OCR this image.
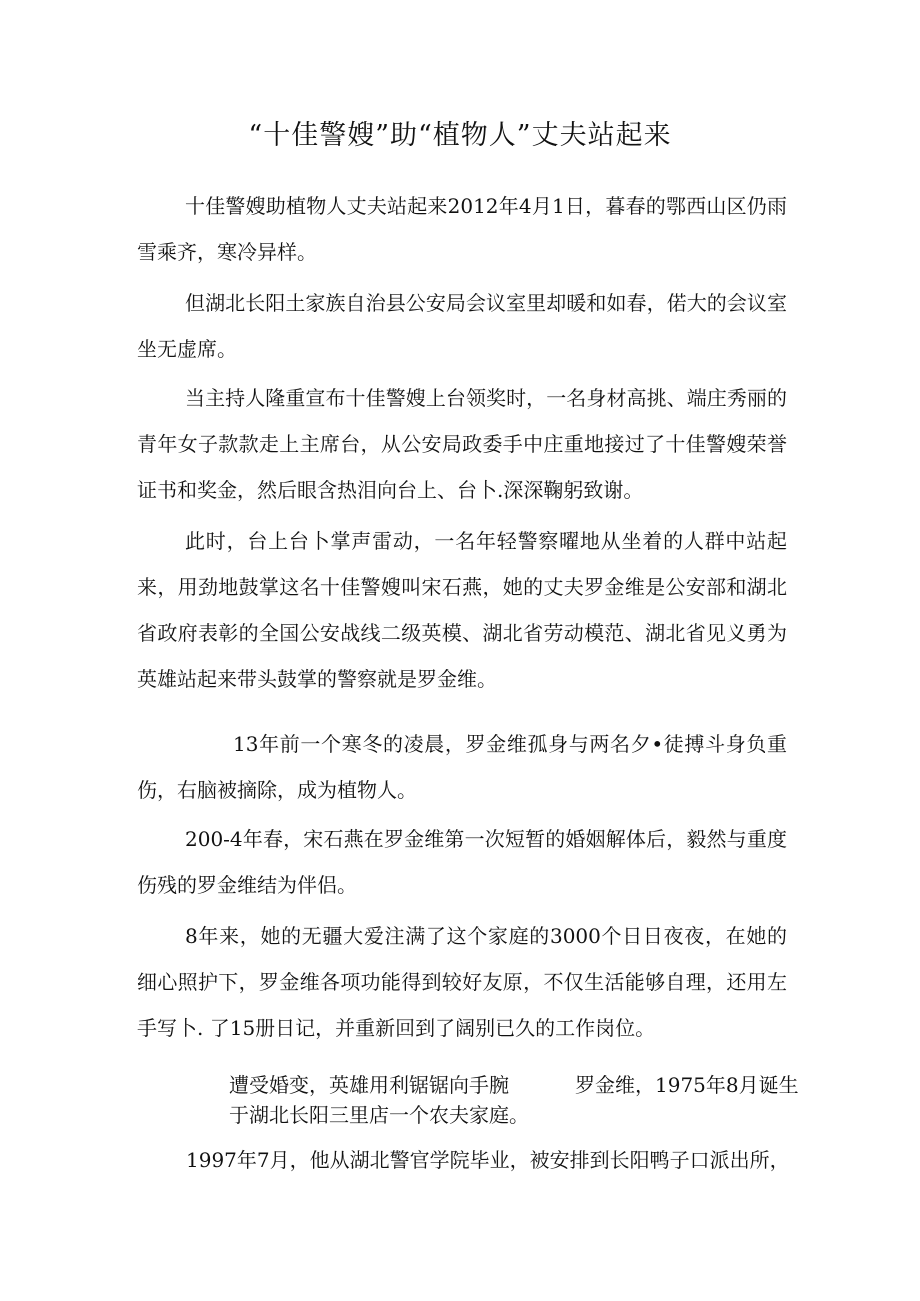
“十佳警嫂”助“植物人”丈夫站起来

十佳警嫂助植物人丈夫站起来2012年4月1日，暮春的鄂西山区仍雨雪乘齐，寒冷异样。

但湖北长阳土家族自治县公安局会议室里却暖和如春，偌大的会议室坐无虚席。

当主持人隆重宣布十佳警嫂上台领奖时，一名身材高挑、端庄秀丽的青年女子款款走上主席台，从公安局政委手中庄重地接过了十佳警嫂荣誉证书和奖金，然后眼含热泪向台上、台卜.深深鞠躬致谢。

此时，台上台卜掌声雷动，一名年轻警察曜地从坐着的人群中站起来，用劲地鼓掌这名十佳警嫂叫宋石燕，她的丈夫罗金维是公安部和湖北省政府表彰的全国公安战线二级英模、湖北省劳动模范、湖北省见义勇为英雄站起来带头鼓掌的警察就是罗金维。

13年前一个寒冬的凌晨，罗金维孤身与两名夕•徒搏斗身负重伤，右脑被摘除，成为植物人。

200-4年春，宋石燕在罗金维第一次短暂的婚姻解体后，毅然与重度伤残的罗金维结为伴侣。

8年来，她的无疆大爱注满了这个家庭的3000个日日夜夜，在她的细心照护下，罗金维各项功能得到较好友原，不仅生活能够自理，还用左手写卜. 了15册日记，并重新回到了阔别已久的工作岗位。

遭受婚变，英雄用利锯锯向手腕	罗金维，1975年8月诞生
于湖北长阳三里店一个农夫家庭。

1997年7月，他从湖北警官学院毕业，被安排到长阳鸭子口派出所，
